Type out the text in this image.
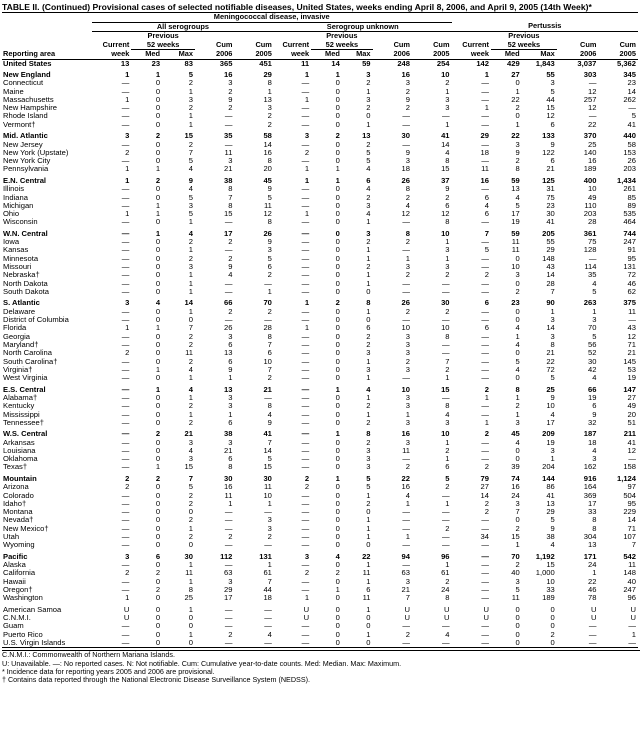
TABLE II. (Continued) Provisional cases of selected notifiable diseases, United States, weeks ending April 8, 2006, and April 9, 2005 (14th Week)*
	Meningococcal disease, invasive														
	All serogroups					Serogroup unknown					Pertussis				
		Previous					Previous					Previous			
	Current	52 weeks		Cum	Cum	Current	52 weeks		Cum	Cum	Current	52 weeks		Cum	Cum
Reporting area	week	Med	Max	2006	2005	week	Med	Max	2006	2005	week	Med	Max	2006	2005
United States	13	23	83	365	451	11	14	59	248	254	142	429	1,843	3,037	5,362
New England	1	1	5	16	29	1	1	3	16	10	1	27	55	303	345
Connecticut	—	0	2	3	8	—	0	2	3	2	—	0	3	—	23
Maine	—	0	1	2	1	—	0	1	2	1	—	1	5	12	14
Massachusetts	1	0	3	9	13	1	0	3	9	3	—	22	44	257	262
New Hampshire	—	0	2	2	3	—	0	2	2	3	1	2	15	12	—
Rhode Island	—	0	1	—	2	—	0	0	—	—	—	0	12	—	5
Vermont†	—	0	1	—	2	—	0	1	—	1	—	1	6	22	41
Mid. Atlantic	3	2	15	35	58	3	2	13	30	41	29	22	133	370	440
New Jersey	—	0	2	—	14	—	0	2	—	14	—	3	9	25	58
New York (Upstate)	2	0	7	11	16	2	0	5	9	4	18	9	122	140	153
New York City	—	0	5	3	8	—	0	5	3	8	—	2	6	16	26
Pennsylvania	1	1	4	21	20	1	1	4	18	15	11	8	21	189	203
E.N. Central	1	2	9	38	45	1	1	6	26	37	16	59	125	400	1,434
Illinois	—	0	4	8	9	—	0	4	8	9	—	13	31	10	261
Indiana	—	0	5	7	5	—	0	2	2	2	6	4	75	49	85
Michigan	—	1	3	8	11	—	0	3	4	6	4	5	23	110	89
Ohio	1	1	5	15	12	1	0	4	12	12	6	17	30	203	535
Wisconsin	—	0	1	—	8	—	0	1	—	8	—	19	41	28	464
W.N. Central	—	1	4	17	26	—	0	3	8	10	7	59	205	361	744
Iowa	—	0	2	2	9	—	0	2	2	1	—	11	55	75	247
Kansas	—	0	1	—	3	—	0	1	—	3	5	11	29	128	91
Minnesota	—	0	2	2	5	—	0	1	1	1	—	0	148	—	95
Missouri	—	0	3	9	6	—	0	2	3	3	—	10	43	114	131
Nebraska†	—	0	1	4	2	—	0	1	2	2	2	3	14	35	72
North Dakota	—	0	1	—	—	—	0	1	—	—	—	0	28	4	46
South Dakota	—	0	1	—	1	—	0	0	—	—	—	2	7	5	62
S. Atlantic	3	4	14	66	70	1	2	8	26	30	6	23	90	263	375
Delaware	—	0	1	2	2	—	0	1	2	2	—	0	1	1	11
District of Columbia	—	0	0	—	—	—	0	0	—	—	—	0	3	3	—
Florida	1	1	7	26	28	1	0	6	10	10	6	4	14	70	43
Georgia	—	0	2	3	8	—	0	2	3	8	—	1	3	5	12
Maryland†	—	0	2	6	7	—	0	2	3	—	—	4	8	56	71
North Carolina	2	0	11	13	6	—	0	3	3	—	—	0	21	52	21
South Carolina†	—	0	2	6	10	—	0	1	2	7	—	5	22	30	145
Virginia†	—	1	4	9	7	—	0	3	3	2	—	4	72	42	53
West Virginia	—	0	1	1	2	—	0	1	—	1	—	0	5	4	19
E.S. Central	—	1	4	13	21	—	1	4	10	15	2	8	25	66	147
Alabama†	—	0	1	3	—	—	0	1	3	—	1	1	9	19	27
Kentucky	—	0	2	3	8	—	0	2	3	8	—	2	10	6	49
Mississippi	—	0	1	1	4	—	0	1	1	4	—	1	4	9	20
Tennessee†	—	0	2	6	9	—	0	2	3	3	1	3	17	32	51
W.S. Central	—	2	21	38	41	—	1	8	16	10	2	45	209	187	211
Arkansas	—	0	3	3	7	—	0	2	3	1	—	4	19	18	41
Louisiana	—	0	4	21	14	—	0	3	11	2	—	0	3	4	12
Oklahoma	—	0	3	6	5	—	0	3	—	1	—	0	1	3	—
Texas†	—	1	15	8	15	—	0	3	2	6	2	39	204	162	158
Mountain	2	2	7	30	30	2	1	5	22	5	79	74	144	916	1,124
Arizona	2	0	5	16	11	2	0	5	16	2	27	16	86	164	97
Colorado	—	0	2	11	10	—	0	1	4	—	14	24	41	369	504
Idaho†	—	0	2	1	1	—	0	2	1	1	2	3	13	17	95
Montana	—	0	0	—	—	—	0	0	—	—	2	7	29	33	229
Nevada†	—	0	2	—	3	—	0	1	—	—	—	0	5	8	14
New Mexico†	—	0	1	—	3	—	0	1	—	2	—	2	9	8	71
Utah	—	0	2	2	2	—	0	1	1	—	34	15	38	304	107
Wyoming	—	0	0	—	—	—	0	0	—	—	—	1	4	13	7
Pacific	3	6	30	112	131	3	4	22	94	96	—	70	1,192	171	542
Alaska	—	0	1	—	1	—	0	1	—	1	—	2	15	24	11
California	2	2	11	63	61	2	2	11	63	61	—	40	1,000	1	148
Hawaii	—	0	1	3	7	—	0	1	3	2	—	3	10	22	40
Oregon†	—	2	8	29	44	—	1	6	21	24	—	5	33	46	247
Washington	1	0	25	17	18	1	0	11	7	8	—	11	189	78	96
American Samoa	U	0	1	—	—	U	0	1	U	U	U	0	0	U	U
C.N.M.I.	U	0	0	—	—	U	0	0	U	U	U	0	0	U	U
Guam	—	0	0	—	—	—	0	0	—	—	—	0	0	—	—
Puerto Rico	—	0	1	2	4	—	0	1	2	4	—	0	2	—	1
U.S. Virgin Islands	—	0	0	—	—	—	0	0	—	—	—	0	0	—	—
C.N.M.I.: Commonwealth of Northern Mariana Islands.
U: Unavailable. —: No reported cases. N: Not notifiable. Cum: Cumulative year-to-date counts. Med: Median. Max: Maximum.
* Incidence data for reporting years 2005 and 2006 are provisional.
† Contains data reported through the National Electronic Disease Surveillance System (NEDSS).
